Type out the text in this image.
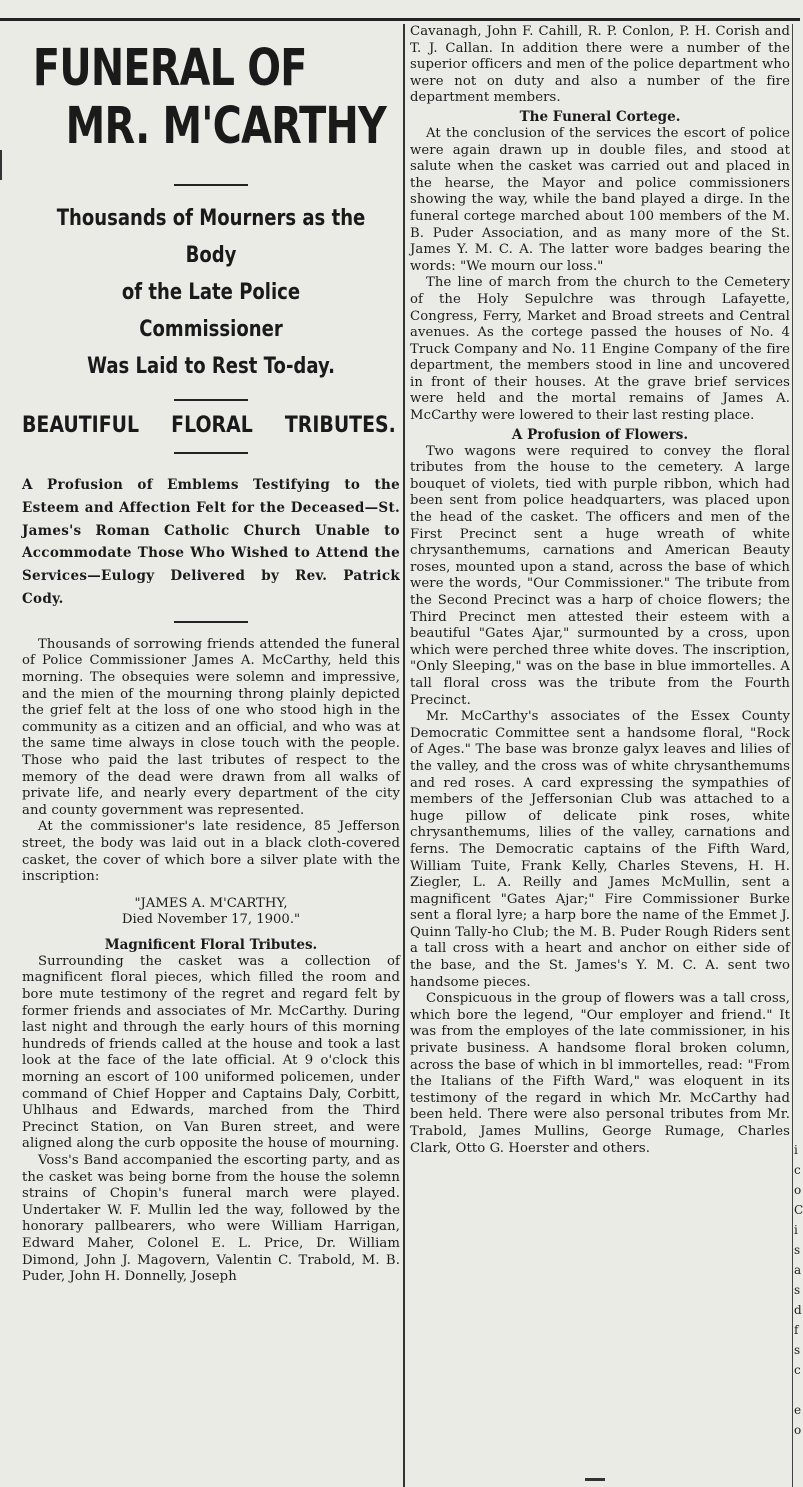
FUNERAL OF
MR. M'CARTHY
Thousands of Mourners as the Body
of the Late Police Commissioner
Was Laid to Rest To-day.
BEAUTIFUL FLORAL TRIBUTES.

A Profusion of Emblems Testifying to the Esteem and Affection Felt for the Deceased—St. James's Roman Catholic Church Unable to Accommodate Those Who Wished to Attend the Services—Eulogy Delivered by Rev. Patrick Cody.

Thousands of sorrowing friends attended the funeral of Police Commissioner James A. McCarthy, held this morning. The obsequies were solemn and impressive, and the mien of the mourning throng plainly depicted the grief felt at the loss of one who stood high in the community as a citizen and an official, and who was at the same time always in close touch with the people. Those who paid the last tributes of respect to the memory of the dead were drawn from all walks of private life, and nearly every department of the city and county government was represented.

At the commissioner's late residence, 85 Jefferson street, the body was laid out in a black cloth-covered casket, the cover of which bore a silver plate with the inscription:

"JAMES A. M'CARTHY,
Died November 17, 1900."
Magnificent Floral Tributes.

Surrounding the casket was a collection of magnificent floral pieces, which filled the room and bore mute testimony of the regret and regard felt by former friends and associates of Mr. McCarthy. During last night and through the early hours of this morning hundreds of friends called at the house and took a last look at the face of the late official. At 9 o'clock this morning an escort of 100 uniformed policemen, under command of Chief Hopper and Captains Daly, Corbitt, Uhlhaus and Edwards, marched from the Third Precinct Station, on Van Buren street, and were aligned along the curb opposite the house of mourning.

Voss's Band accompanied the escorting party, and as the casket was being borne from the house the solemn strains of Chopin's funeral march were played. Undertaker W. F. Mullin led the way, followed by the honorary pallbearers, who were William Harrigan, Edward Maher, Colonel E. L. Price, Dr. William Dimond, John J. Magovern, Valentin C. Trabold, M. B. Puder, John H. Donnelly, Joseph

Cavanagh, John F. Cahill, R. P. Conlon, P. H. Corish and T. J. Callan. In addition there were a number of the superior officers and men of the police department who were not on duty and also a number of the fire department members.

The Funeral Cortege.

At the conclusion of the services the escort of police were again drawn up in double files, and stood at salute when the casket was carried out and placed in the hearse, the Mayor and police commissioners showing the way, while the band played a dirge. In the funeral cortege marched about 100 members of the M. B. Puder Association, and as many more of the St. James Y. M. C. A. The latter wore badges bearing the words: "We mourn our loss."

The line of march from the church to the Cemetery of the Holy Sepulchre was through Lafayette, Congress, Ferry, Market and Broad streets and Central avenues. As the cortege passed the houses of No. 4 Truck Company and No. 11 Engine Company of the fire department, the members stood in line and uncovered in front of their houses. At the grave brief services were held and the mortal remains of James A. McCarthy were lowered to their last resting place.

A Profusion of Flowers.

Two wagons were required to convey the floral tributes from the house to the cemetery. A large bouquet of violets, tied with purple ribbon, which had been sent from police headquarters, was placed upon the head of the casket. The officers and men of the First Precinct sent a huge wreath of white chrysanthemums, carnations and American Beauty roses, mounted upon a stand, across the base of which were the words, "Our Commissioner." The tribute from the Second Precinct was a harp of choice flowers; the Third Precinct men attested their esteem with a beautiful "Gates Ajar," surmounted by a cross, upon which were perched three white doves. The inscription, "Only Sleeping," was on the base in blue immortelles. A tall floral cross was the tribute from the Fourth Precinct.

Mr. McCarthy's associates of the Essex County Democratic Committee sent a handsome floral, "Rock of Ages." The base was bronze galyx leaves and lilies of the valley, and the cross was of white chrysanthemums and red roses. A card expressing the sympathies of members of the Jeffersonian Club was attached to a huge pillow of delicate pink roses, white chrysanthemums, lilies of the valley, carnations and ferns. The Democratic captains of the Fifth Ward, William Tuite, Frank Kelly, Charles Stevens, H. H. Ziegler, L. A. Reilly and James McMullin, sent a magnificent "Gates Ajar;" Fire Commissioner Burke sent a floral lyre; a harp bore the name of the Emmet J. Quinn Tally-ho Club; the M. B. Puder Rough Riders sent a tall cross with a heart and anchor on either side of the base, and the St. James's Y. M. C. A. sent two handsome pieces.

Conspicuous in the group of flowers was a tall cross, which bore the legend, "Our employer and friend." It was from the employes of the late commissioner, in his private business. A handsome floral broken column, across the base of which in bl immortelles, read: "From the Italians of the Fifth Ward," was eloquent in its testimony of the regard in which Mr. McCarthy had been held. There were also personal tributes from Mr. Trabold, James Mullins, George Rumage, Charles Clark, Otto G. Hoerster and others.	i
c
o
C
i
s
a
s
d
f
s
c

e
o
